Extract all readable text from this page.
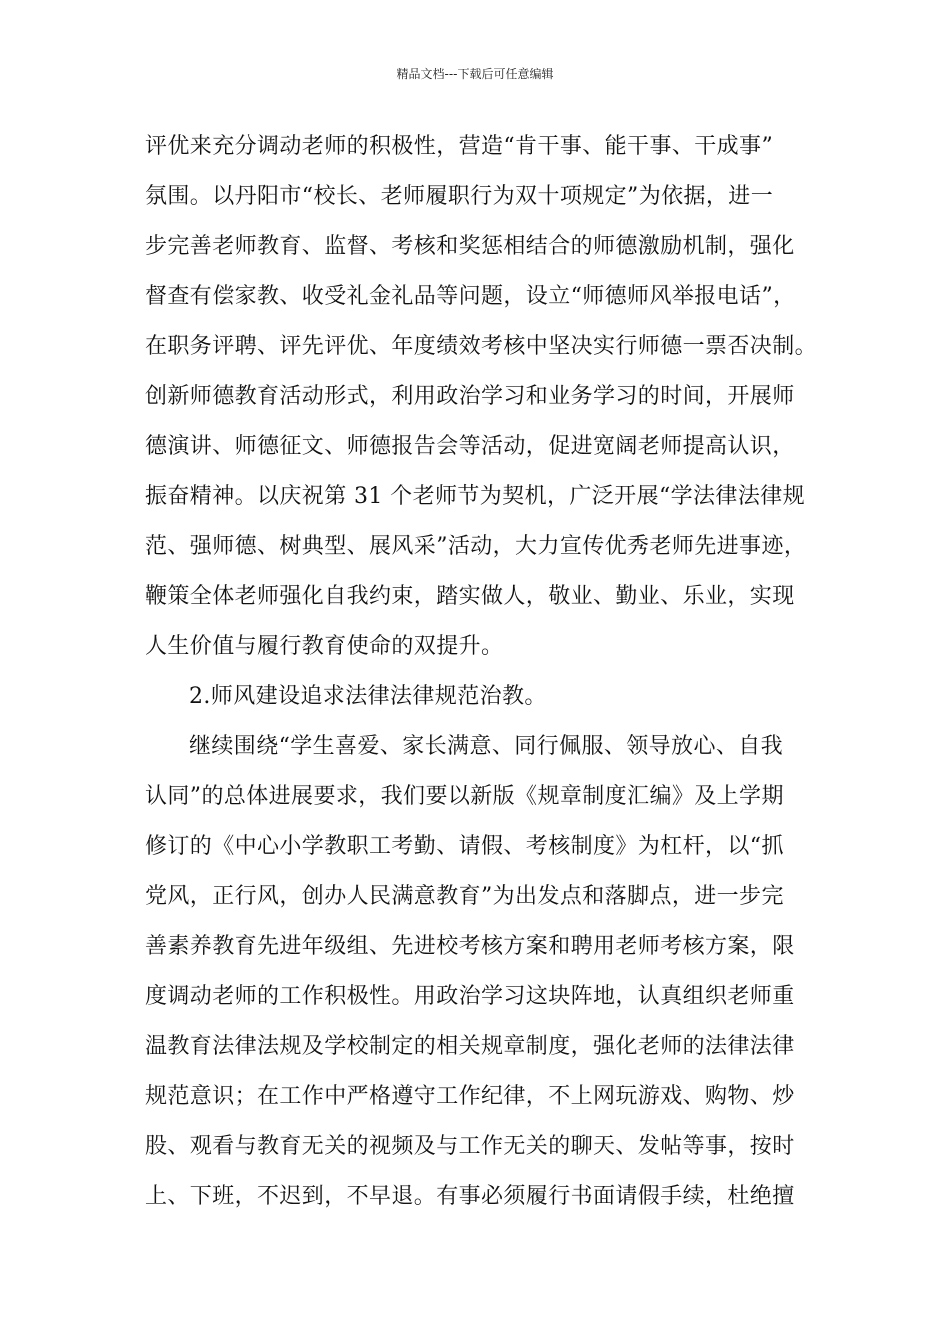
精品文档---下载后可任意编辑
评优来充分调动老师的积极性，营造“肯干事、能干事、干成事”
氛围。以丹阳市“校长、老师履职行为双十项规定”为依据，进一
步完善老师教育、监督、考核和奖惩相结合的师德激励机制，强化
督查有偿家教、收受礼金礼品等问题，设立“师德师风举报电话”，
在职务评聘、评先评优、年度绩效考核中坚决实行师德一票否决制。
创新师德教育活动形式，利用政治学习和业务学习的时间，开展师
德演讲、师德征文、师德报告会等活动，促进宽阔老师提高认识，
振奋精神。以庆祝第 31 个老师节为契机，广泛开展“学法律法律规
范、强师德、树典型、展风采”活动，大力宣传优秀老师先进事迹，
鞭策全体老师强化自我约束，踏实做人，敬业、勤业、乐业，实现
人生价值与履行教育使命的双提升。
2.师风建设追求法律法律规范治教。
继续围绕“学生喜爱、家长满意、同行佩服、领导放心、自我
认同”的总体进展要求，我们要以新版《规章制度汇编》及上学期
修订的《中心小学教职工考勤、请假、考核制度》为杠杆，以“抓
党风，正行风，创办人民满意教育”为出发点和落脚点，进一步完
善素养教育先进年级组、先进校考核方案和聘用老师考核方案，限
度调动老师的工作积极性。用政治学习这块阵地，认真组织老师重
温教育法律法规及学校制定的相关规章制度，强化老师的法律法律
规范意识；在工作中严格遵守工作纪律，不上网玩游戏、购物、炒
股、观看与教育无关的视频及与工作无关的聊天、发帖等事，按时
上、下班，不迟到，不早退。有事必须履行书面请假手续，杜绝擅
